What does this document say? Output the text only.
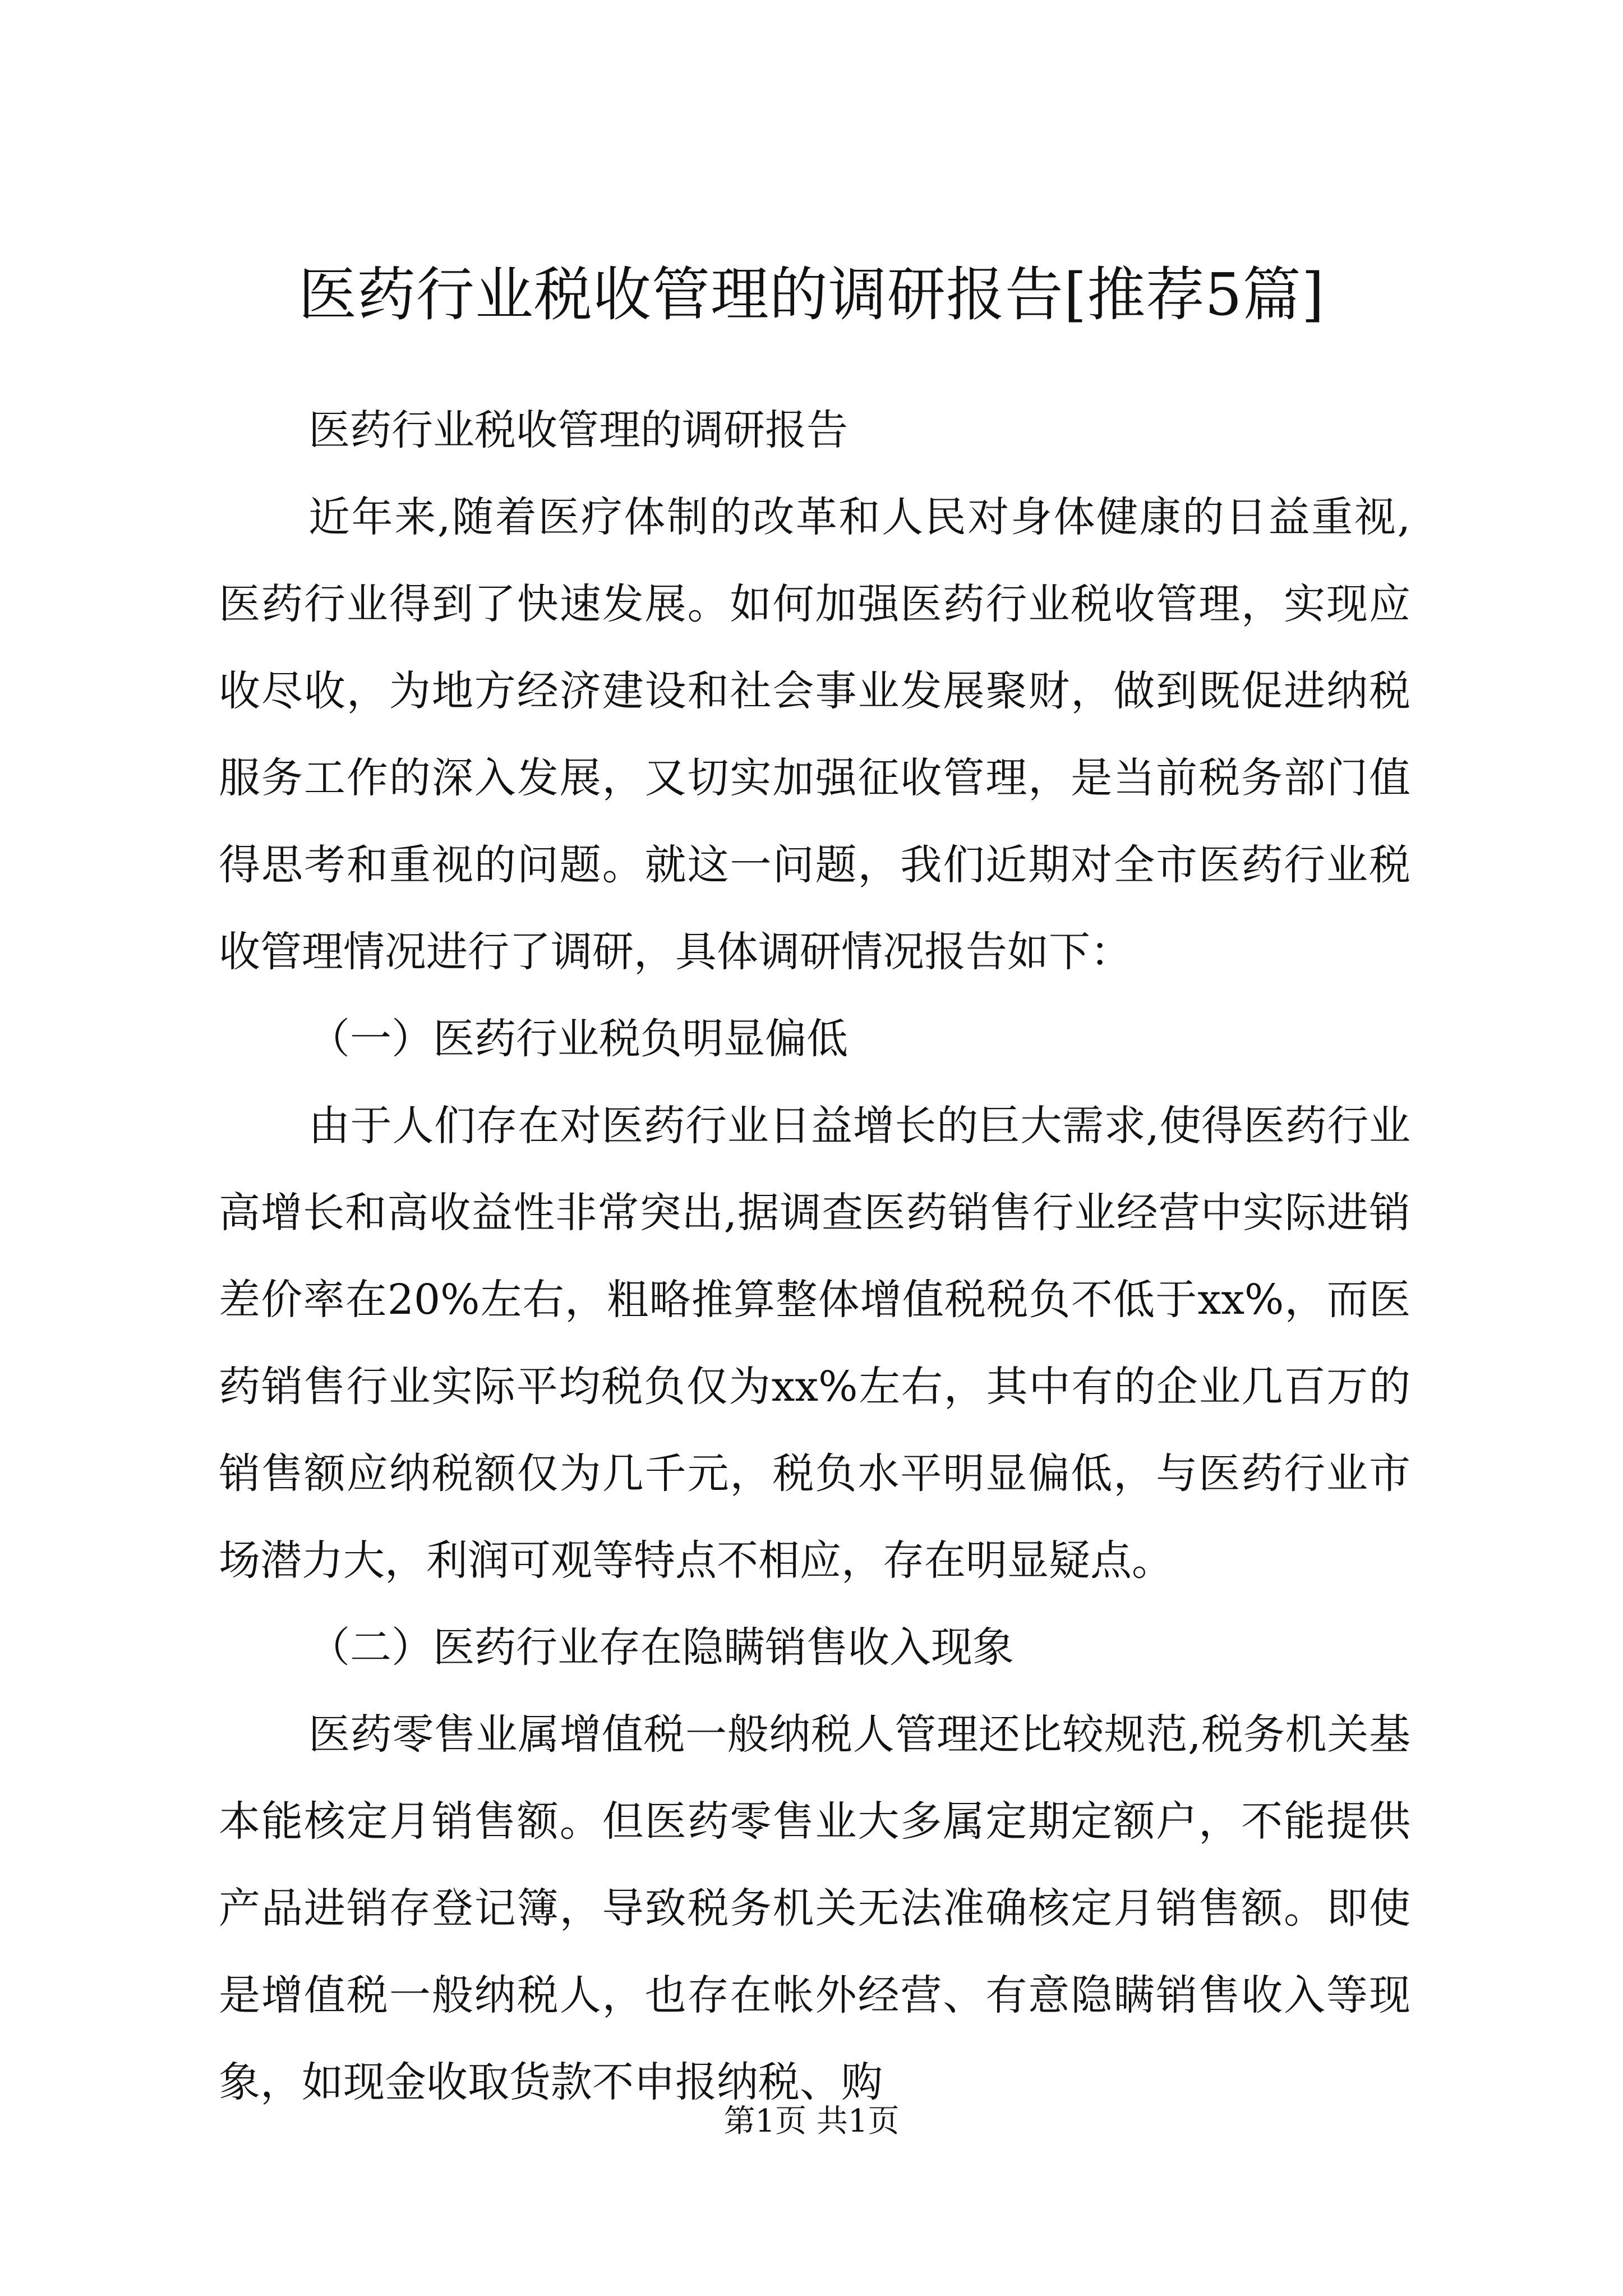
医药行业税收管理的调研报告[推荐5篇]

医药行业税收管理的调研报告

近年来,随着医疗体制的改革和人民对身体健康的日益重视,医药行业得到了快速发展。如何加强医药行业税收管理，实现应收尽收，为地方经济建设和社会事业发展聚财，做到既促进纳税服务工作的深入发展，又切实加强征收管理，是当前税务部门值得思考和重视的问题。就这一问题，我们近期对全市医药行业税收管理情况进行了调研，具体调研情况报告如下：

（一）医药行业税负明显偏低

由于人们存在对医药行业日益增长的巨大需求,使得医药行业高增长和高收益性非常突出,据调查医药销售行业经营中实际进销差价率在20%左右，粗略推算整体增值税税负不低于xx%，而医药销售行业实际平均税负仅为xx%左右，其中有的企业几百万的销售额应纳税额仅为几千元，税负水平明显偏低，与医药行业市场潜力大，利润可观等特点不相应，存在明显疑点。

（二）医药行业存在隐瞒销售收入现象

医药零售业属增值税一般纳税人管理还比较规范,税务机关基本能核定月销售额。但医药零售业大多属定期定额户，不能提供产品进销存登记簿，导致税务机关无法准确核定月销售额。即使是增值税一般纳税人，也存在帐外经营、有意隐瞒销售收入等现象，如现金收取货款不申报纳税、购

第1页 共1页
